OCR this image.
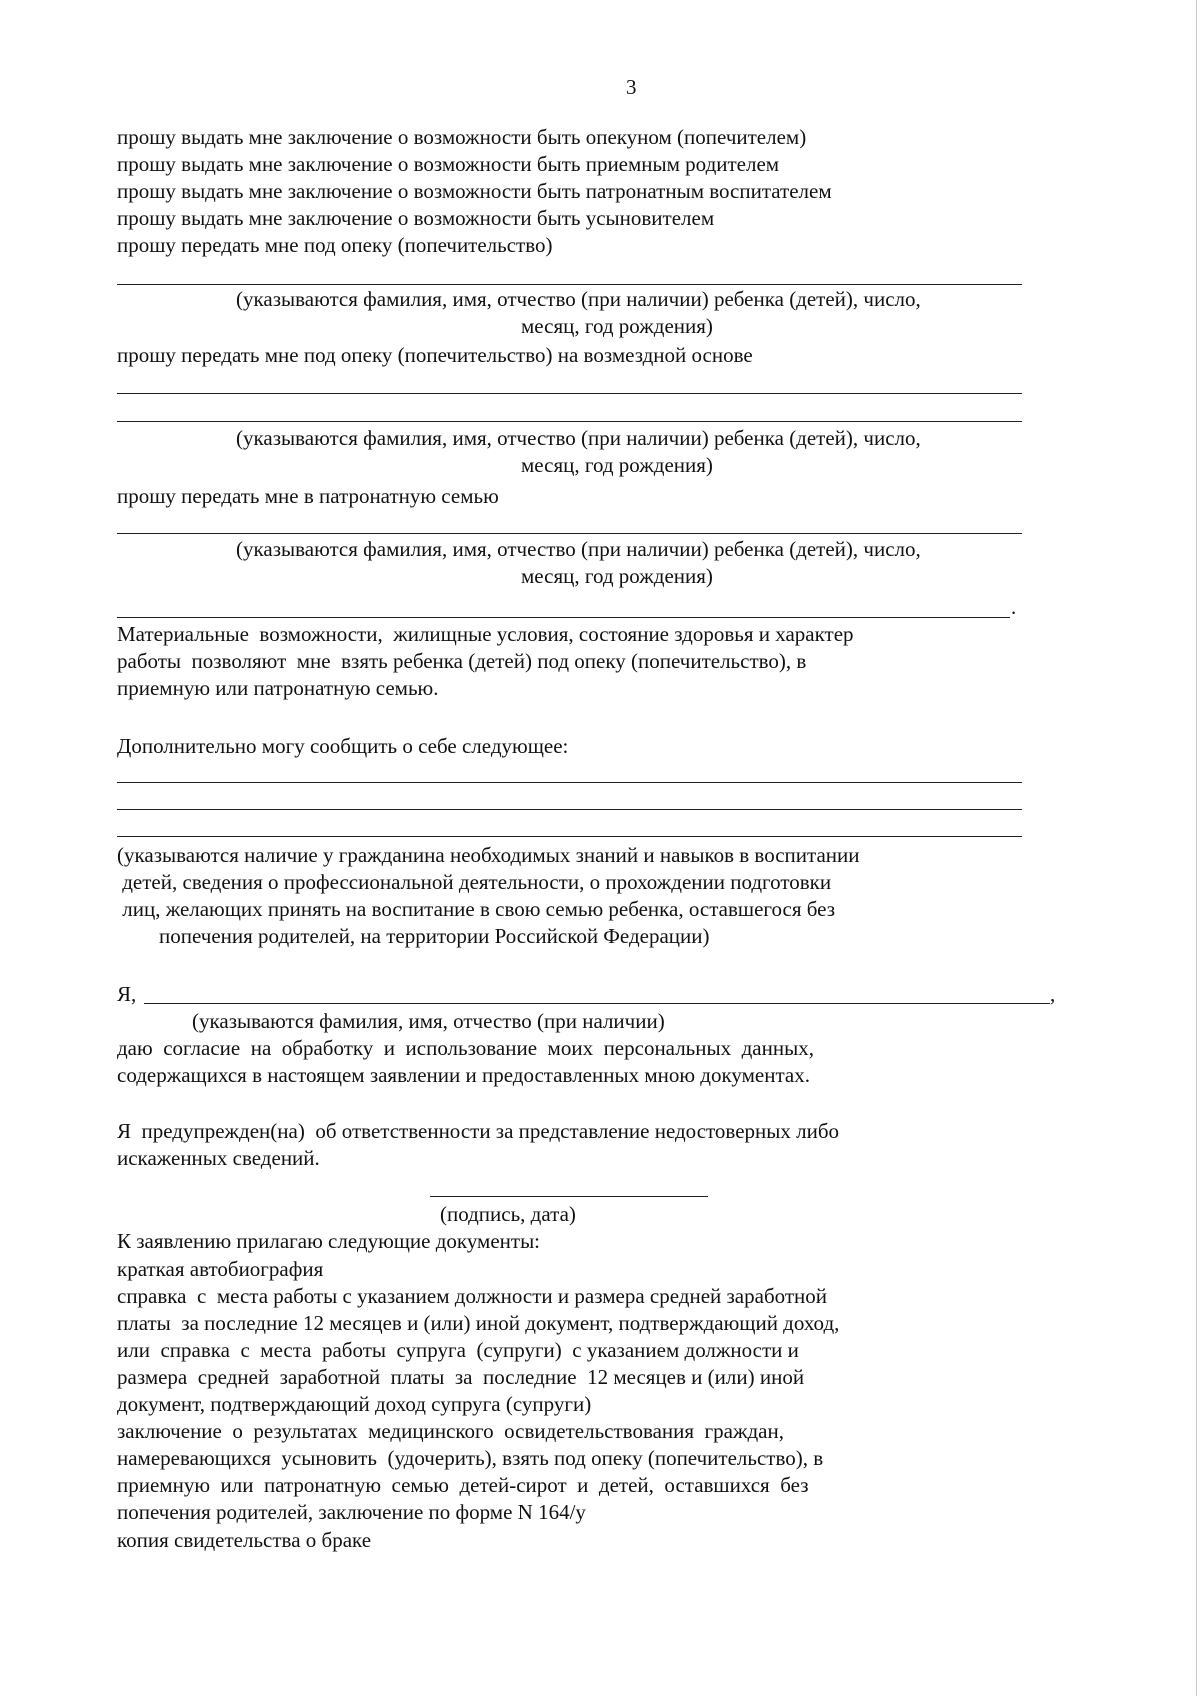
3
прошу выдать мне заключение о возможности быть опекуном (попечителем)
прошу выдать мне заключение о возможности быть приемным родителем
прошу выдать мне заключение о возможности быть патронатным воспитателем
прошу выдать мне заключение о возможности быть усыновителем
прошу передать мне под опеку (попечительство)
(указываются фамилия, имя, отчество (при наличии) ребенка (детей), число,
месяц, год рождения)
прошу передать мне под опеку (попечительство) на возмездной основе
(указываются фамилия, имя, отчество (при наличии) ребенка (детей), число,
месяц, год рождения)
прошу передать мне в патронатную семью
(указываются фамилия, имя, отчество (при наличии) ребенка (детей), число,
месяц, год рождения)
.
Материальные  возможности,  жилищные условия, состояние здоровья и характер
работы  позволяют  мне  взять ребенка (детей) под опеку (попечительство), в
приемную или патронатную семью.
Дополнительно могу сообщить о себе следующее:
(указываются наличие у гражданина необходимых знаний и навыков в воспитании
детей, сведения о профессиональной деятельности, о прохождении подготовки
лиц, желающих принять на воспитание в свою семью ребенка, оставшегося без
попечения родителей, на территории Российской Федерации)
Я,	,
(указываются фамилия, имя, отчество (при наличии)
даю  согласие  на  обработку  и  использование  моих  персональных  данных,
содержащихся в настоящем заявлении и предоставленных мною документах.
Я  предупрежден(на)  об ответственности за представление недостоверных либо
искаженных сведений.
(подпись, дата)
К заявлению прилагаю следующие документы:
краткая автобиография
справка  с  места работы с указанием должности и размера средней заработной
платы  за последние 12 месяцев и (или) иной документ, подтверждающий доход,
или  справка  с  места  работы  супруга  (супруги)  с указанием должности и
размера  средней  заработной  платы  за  последние  12 месяцев и (или) иной
документ, подтверждающий доход супруга (супруги)
заключение  о  результатах  медицинского  освидетельствования  граждан,
намеревающихся  усыновить  (удочерить), взять под опеку (попечительство), в
приемную  или  патронатную  семью  детей-сирот  и  детей,  оставшихся  без
попечения родителей, заключение по форме N 164/у
копия свидетельства о браке
